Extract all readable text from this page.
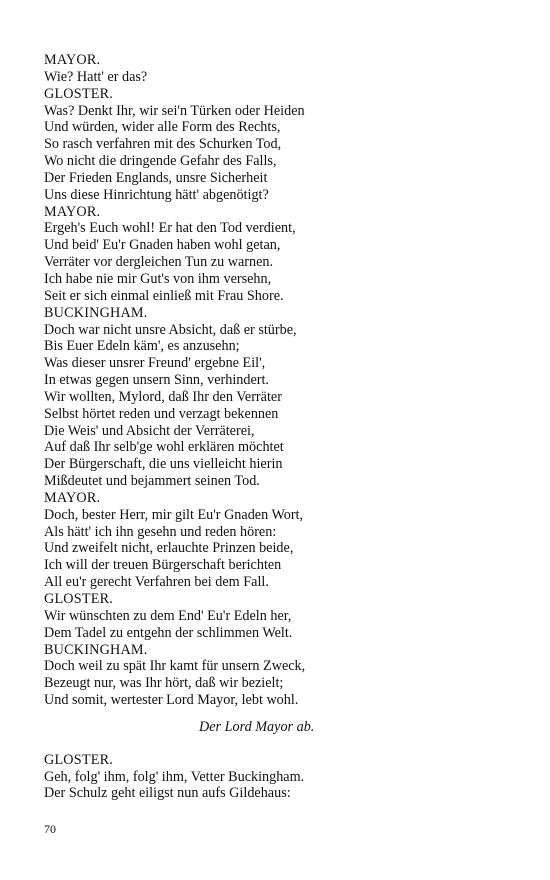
MAYOR.
Wie? Hatt' er das?
GLOSTER.
Was? Denkt Ihr, wir sei'n Türken oder Heiden
Und würden, wider alle Form des Rechts,
So rasch verfahren mit des Schurken Tod,
Wo nicht die dringende Gefahr des Falls,
Der Frieden Englands, unsre Sicherheit
Uns diese Hinrichtung hätt' abgenötigt?
MAYOR.
Ergeh's Euch wohl! Er hat den Tod verdient,
Und beid' Eu'r Gnaden haben wohl getan,
Verräter vor dergleichen Tun zu warnen.
Ich habe nie mir Gut's von ihm versehn,
Seit er sich einmal einließ mit Frau Shore.
BUCKINGHAM.
Doch war nicht unsre Absicht, daß er stürbe,
Bis Euer Edeln käm', es anzusehn;
Was dieser unsrer Freund' ergebne Eil',
In etwas gegen unsern Sinn, verhindert.
Wir wollten, Mylord, daß Ihr den Verräter
Selbst hörtet reden und verzagt bekennen
Die Weis' und Absicht der Verräterei,
Auf daß Ihr selb'ge wohl erklären möchtet
Der Bürgerschaft, die uns vielleicht hierin
Mißdeutet und bejammert seinen Tod.
MAYOR.
Doch, bester Herr, mir gilt Eu'r Gnaden Wort,
Als hätt' ich ihn gesehn und reden hören:
Und zweifelt nicht, erlauchte Prinzen beide,
Ich will der treuen Bürgerschaft berichten
All eu'r gerecht Verfahren bei dem Fall.
GLOSTER.
Wir wünschten zu dem End' Eu'r Edeln her,
Dem Tadel zu entgehn der schlimmen Welt.
BUCKINGHAM.
Doch weil zu spät Ihr kamt für unsern Zweck,
Bezeugt nur, was Ihr hört, daß wir bezielt;
Und somit, wertester Lord Mayor, lebt wohl.
Der Lord Mayor ab.
GLOSTER.
Geh, folg' ihm, folg' ihm, Vetter Buckingham.
Der Schulz geht eiligst nun aufs Gildehaus:
70
